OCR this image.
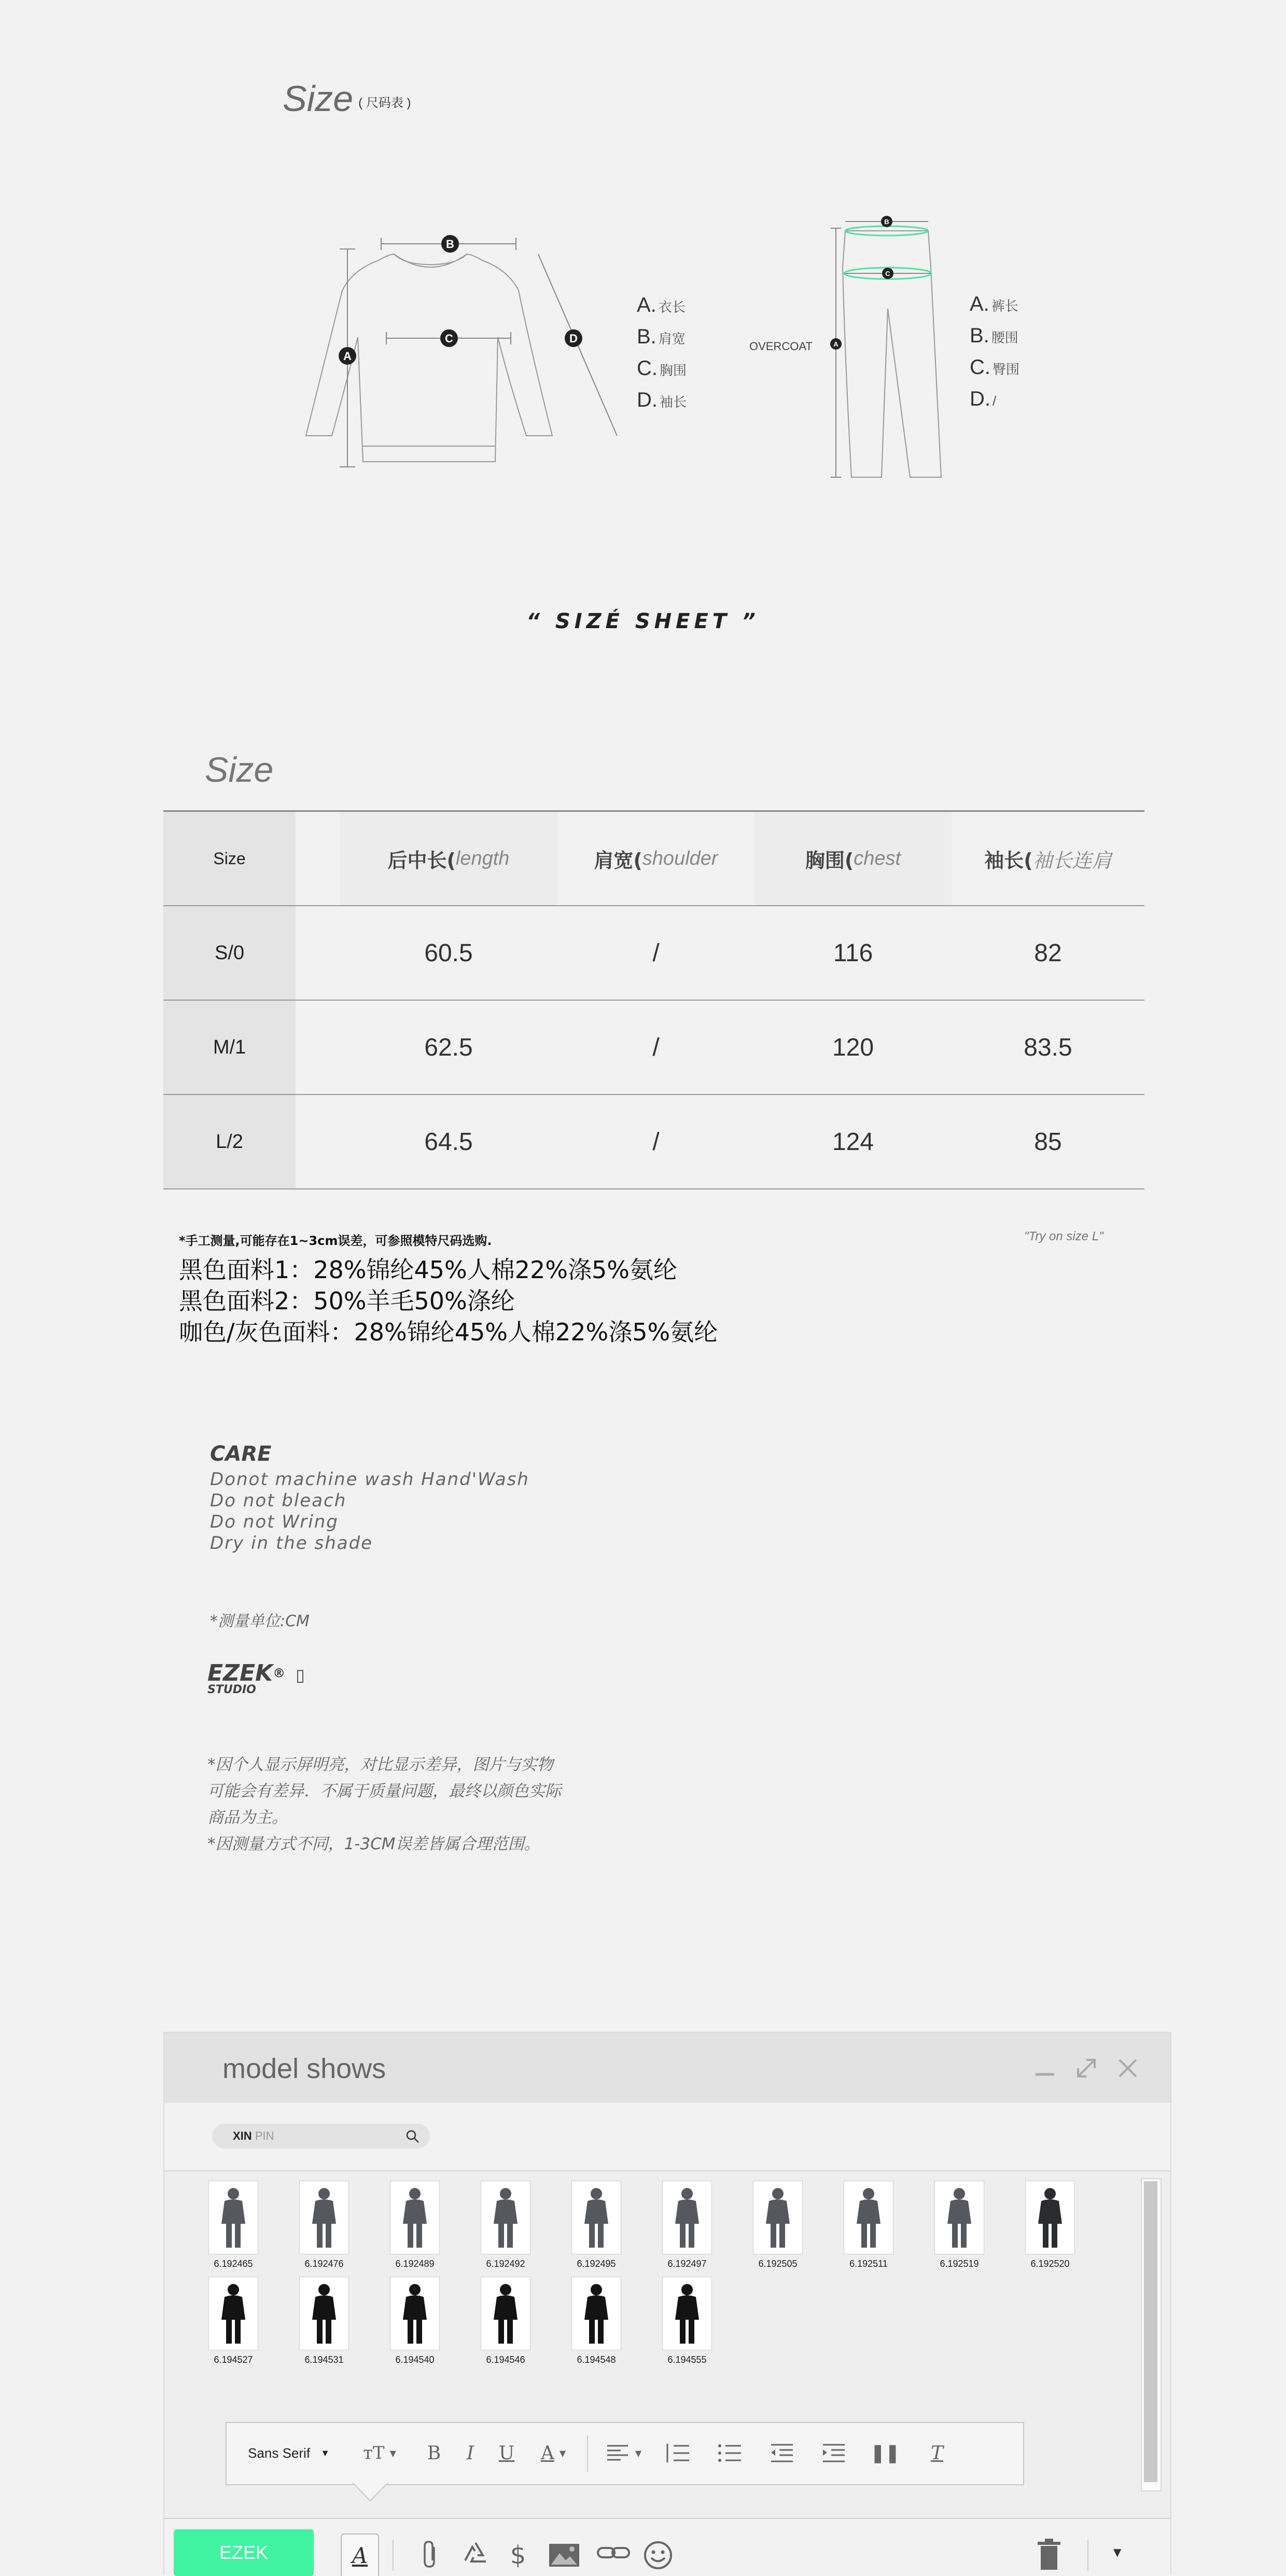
Size ( 尺码表 )
A
B
C	D
A. 衣长
B. 肩宽
C. 胸围
D. 袖长
OVERCOAT	A
B
C
A. 裤长
B. 腰围
C. 臀围
D. /
“ SIZÉ SHEET ”
Size
Size	后中长( length	肩宽( shoulder	胸围( chest	袖长( 袖长连肩
S/0	60.5	/	116	82
M/1	62.5	/	120	83.5
L/2	64.5	/	124	85
*手工测量,可能存在1~3cm误差，可参照模特尺码选购.	"Try on size L"
黑色面料1：28%锦纶45%人棉22%涤5%氨纶
黑色面料2：50%羊毛50%涤纶
咖色/灰色面料：28%锦纶45%人棉22%涤5%氨纶
CARE
Donot machine wash Hand'Wash
Do not bleach
Do not Wring
Dry in the shade
*测量单位:CM
EZEK® ▯
STUDIO
*因个人显示屏明亮，对比显示差异，图片与实物
可能会有差异．不属于质量问题，最终以颜色实际
商品为主。
*因测量方式不同，1-3CM误差皆属合理范围。
model shows
XIN PIN
6.192465	6.192476	6.192489	6.192492	6.192495	6.192497	6.192505	6.192511	6.192519	6.192520
6.194527	6.194531	6.194540	6.194546	6.194548	6.194555
Sans Serif ▼ тT ▼	B	I	U	A ▼	▼	❚❚	T
EZEK	A	$	▼
